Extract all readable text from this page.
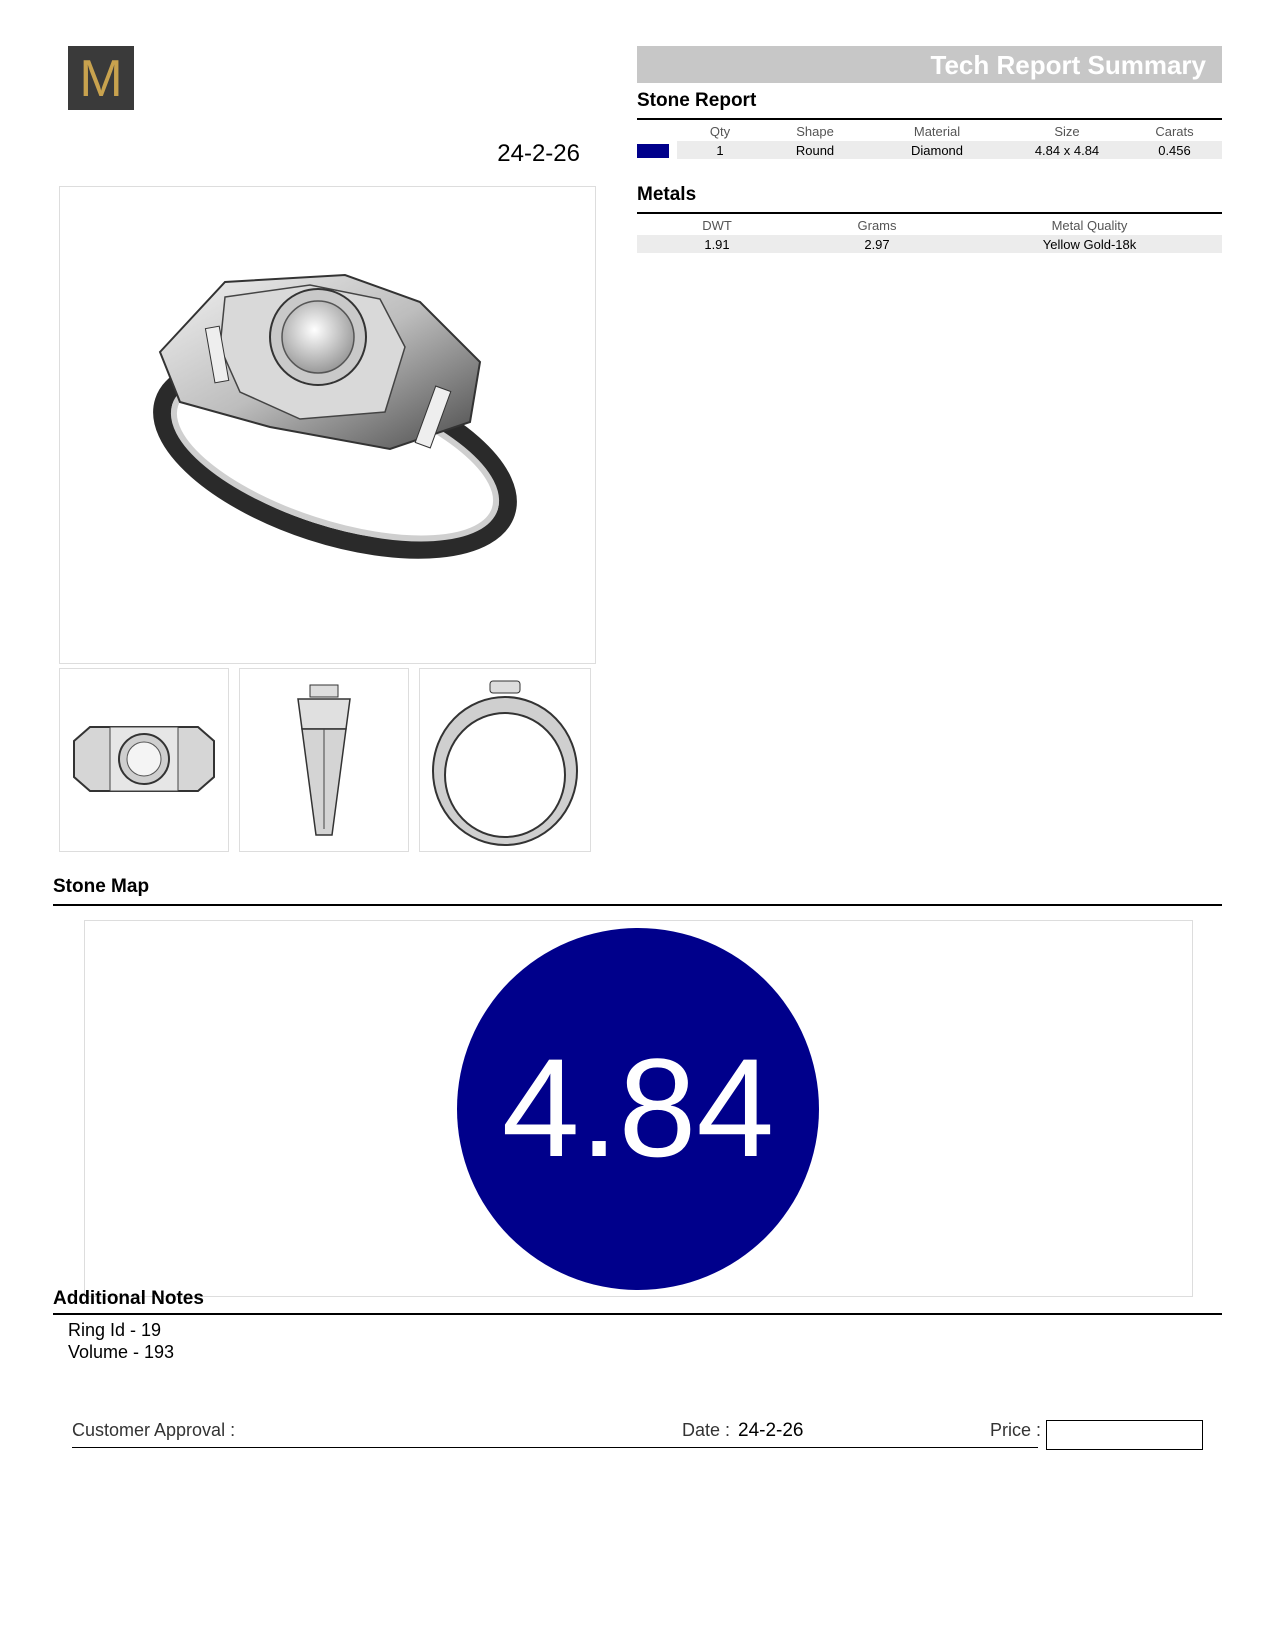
M
24-2-26
Tech Report Summary
Stone Report
	Qty	Shape	Material	Size	Carats
	1	Round	Diamond	4.84 x 4.84	0.456
Metals
DWT	Grams	Metal Quality
1.91	2.97	Yellow Gold-18k
Stone Map
4.84
Additional Notes
Ring Id - 19
Volume - 193
Customer Approval :	Date : 24-2-26	Price :
